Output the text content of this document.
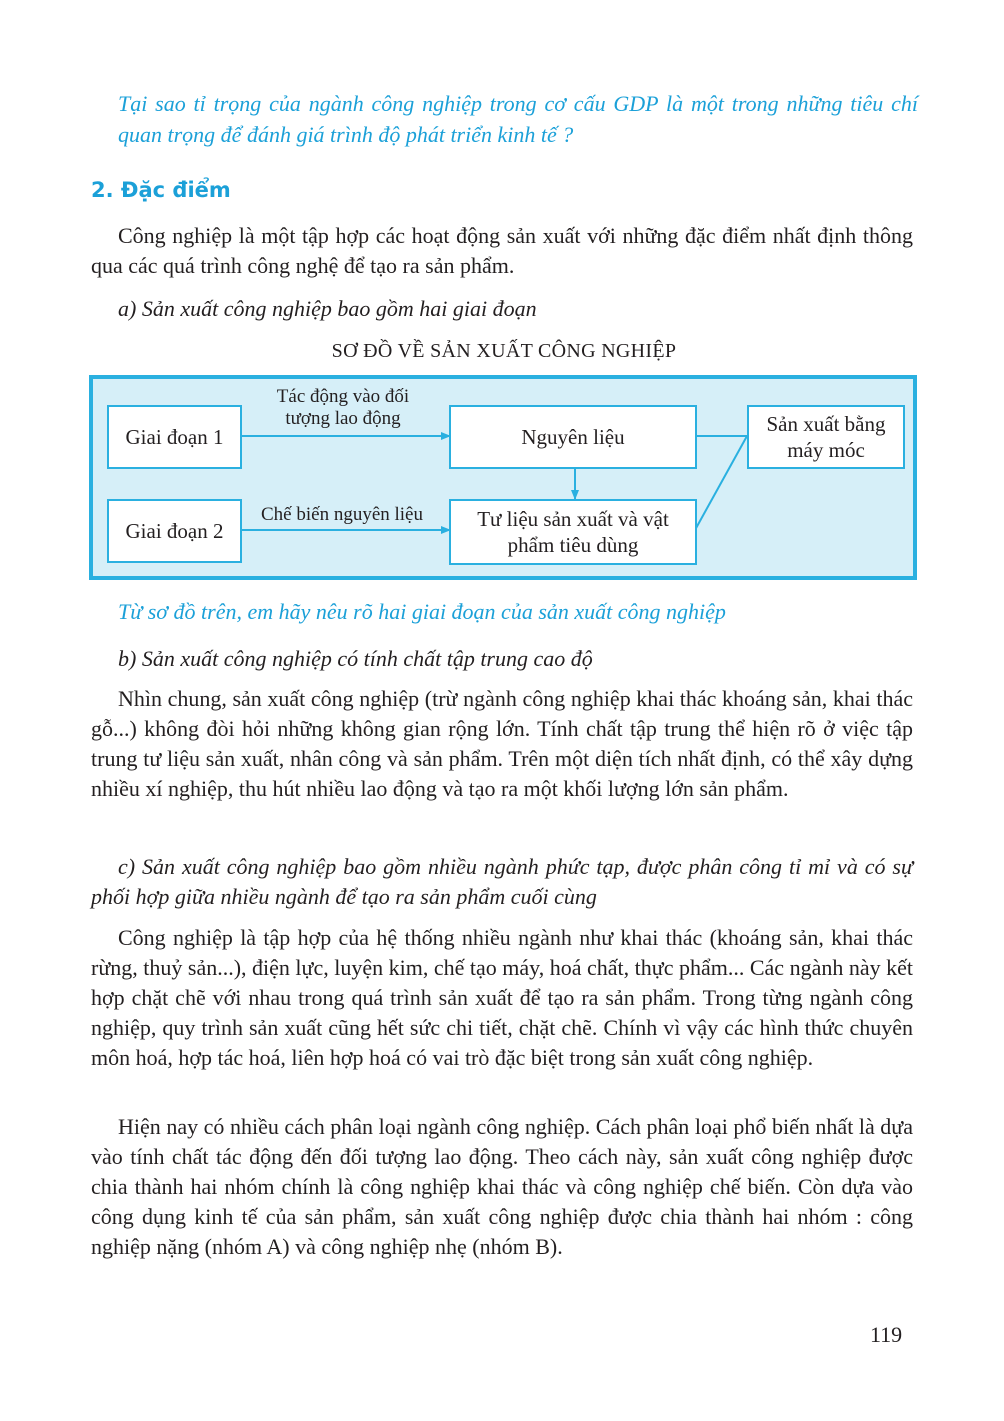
Tại sao tỉ trọng của ngành công nghiệp trong cơ cấu GDP là một trong những tiêu chí quan trọng để đánh giá trình độ phát triển kinh tế ?

2. Đặc điểm

Công nghiệp là một tập hợp các hoạt động sản xuất với những đặc điểm nhất định thông qua các quá trình công nghệ để tạo ra sản phẩm.

a) Sản xuất công nghiệp bao gồm hai giai đoạn

SƠ ĐỒ VỀ SẢN XUẤT CÔNG NGHIỆP
Giai đoạn 1
Giai đoạn 2
Nguyên liệu
Tư liệu sản xuất và vật phẩm tiêu dùng
Sản xuất bằng máy móc
Tác động vào đối tượng lao động
Chế biến nguyên liệu

Từ sơ đồ trên, em hãy nêu rõ hai giai đoạn của sản xuất công nghiệp

b) Sản xuất công nghiệp có tính chất tập trung cao độ

Nhìn chung, sản xuất công nghiệp (trừ ngành công nghiệp khai thác khoáng sản, khai thác gỗ...) không đòi hỏi những không gian rộng lớn. Tính chất tập trung thể hiện rõ ở việc tập trung tư liệu sản xuất, nhân công và sản phẩm. Trên một diện tích nhất định, có thể xây dựng nhiều xí nghiệp, thu hút nhiều lao động và tạo ra một khối lượng lớn sản phẩm.

c) Sản xuất công nghiệp bao gồm nhiều ngành phức tạp, được phân công tỉ mỉ và có sự phối hợp giữa nhiều ngành để tạo ra sản phẩm cuối cùng

Công nghiệp là tập hợp của hệ thống nhiều ngành như khai thác (khoáng sản, khai thác rừng, thuỷ sản...), điện lực, luyện kim, chế tạo máy, hoá chất, thực phẩm... Các ngành này kết hợp chặt chẽ với nhau trong quá trình sản xuất để tạo ra sản phẩm. Trong từng ngành công nghiệp, quy trình sản xuất cũng hết sức chi tiết, chặt chẽ. Chính vì vậy các hình thức chuyên môn hoá, hợp tác hoá, liên hợp hoá có vai trò đặc biệt trong sản xuất công nghiệp.

Hiện nay có nhiều cách phân loại ngành công nghiệp. Cách phân loại phổ biến nhất là dựa vào tính chất tác động đến đối tượng lao động. Theo cách này, sản xuất công nghiệp được chia thành hai nhóm chính là công nghiệp khai thác và công nghiệp chế biến. Còn dựa vào công dụng kinh tế của sản phẩm, sản xuất công nghiệp được chia thành hai nhóm : công nghiệp nặng (nhóm A) và công nghiệp nhẹ (nhóm B).

119
